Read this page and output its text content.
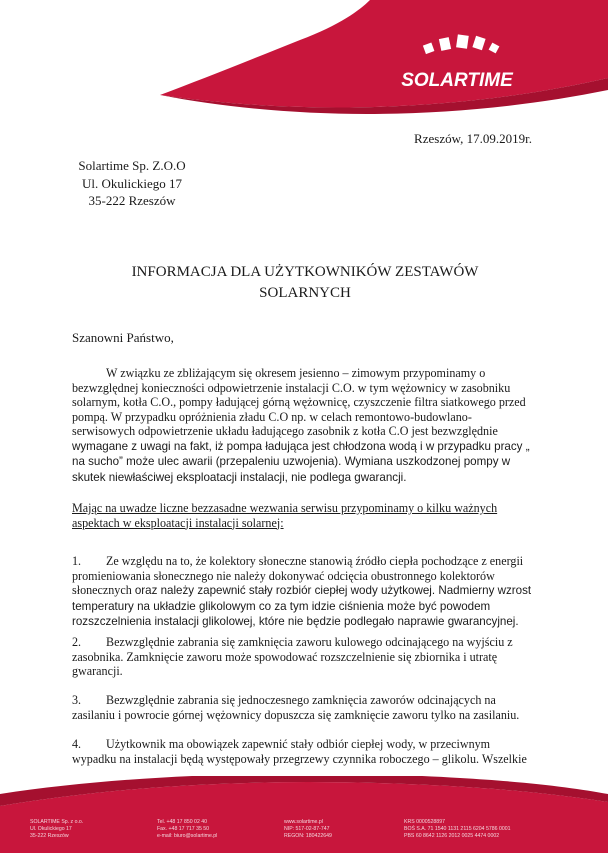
SOLARTIME
Rzeszów, 17.09.2019r.
Solartime Sp. Z.O.O
Ul. Okulickiego 17
35-222 Rzeszów
INFORMACJA DLA UŻYTKOWNIKÓW ZESTAWÓW
SOLARNYCH
Szanowni Państwo,
W związku ze zbliżającym się okresem jesienno – zimowym przypominamy o bezwzględnej konieczności odpowietrzenie instalacji C.O. w tym wężownicy w zasobniku solarnym, kotła C.O., pompy ładującej górną wężownicę, czyszczenie filtra siatkowego przed pompą. W przypadku opróżnienia zładu C.O np. w celach remontowo-budowlano-serwisowych odpowietrzenie układu ładującego zasobnik z kotła C.O jest bezwzględnie wymagane z uwagi na fakt, iż pompa ładująca jest chłodzona wodą i w przypadku pracy „ na sucho” może ulec awarii (przepaleniu uzwojenia). Wymiana uszkodzonej pompy w skutek niewłaściwej eksploatacji instalacji, nie podlega gwarancji.
Mając na uwadze liczne bezzasadne wezwania serwisu przypominamy o kilku ważnych aspektach w eksploatacji instalacji solarnej:
1. Ze względu na to, że kolektory słoneczne stanowią źródło ciepła pochodzące z energii promieniowania słonecznego nie należy dokonywać odcięcia obustronnego kolektorów słonecznych oraz należy zapewnić stały rozbiór ciepłej wody użytkowej. Nadmierny wzrost temperatury na układzie glikolowym co za tym idzie ciśnienia może być powodem rozszczelnienia instalacji glikolowej, które nie będzie podlegało naprawie gwarancyjnej.
2. Bezwzględnie zabrania się zamknięcia zaworu kulowego odcinającego na wyjściu z zasobnika. Zamknięcie zaworu może spowodować rozszczelnienie się zbiornika i utratę gwarancji.
3. Bezwzględnie zabrania się jednoczesnego zamknięcia zaworów odcinających na zasilaniu i powrocie górnej wężownicy dopuszcza się zamknięcie zaworu tylko na zasilaniu.
4. Użytkownik ma obowiązek zapewnić stały odbiór ciepłej wody, w przeciwnym wypadku na instalacji będą występowały przegrzewy czynnika roboczego – glikolu. Wszelkie
SOLARTIME Sp. z o.o.
Ul. Okulickiego 17
35-222 Rzeszów
Tel. +48 17 850 02 40
Fax. +48 17 717 35 50
e-mail: biuro@solartime.pl
www.solartime.pl
NIP: 517-02-87-747
REGON: 180422649
KRS 0000528897
BOŚ S.A. 71 1540 1131 2115 6204 5786 0001
PBS 60 8642 1126 2012 0025 4474 0002
